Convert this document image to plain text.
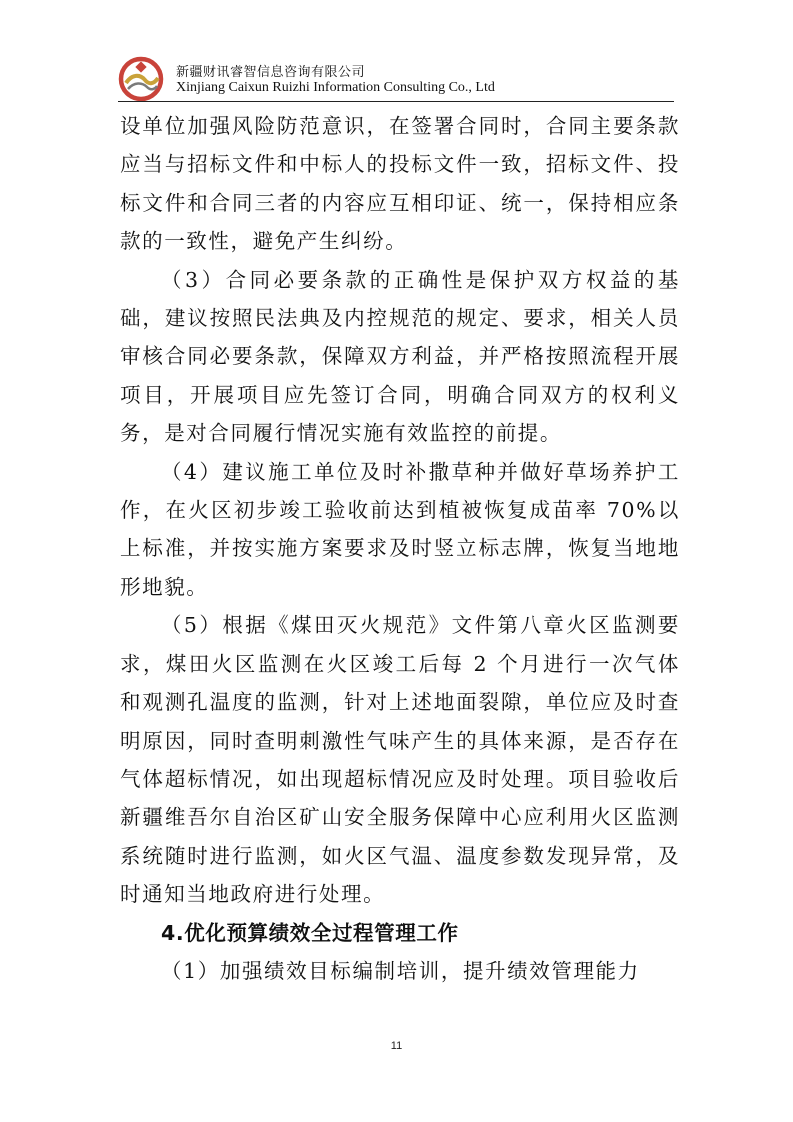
新疆财讯睿智信息咨询有限公司
Xinjiang Caixun Ruizhi Information Consulting Co., Ltd

设单位加强风险防范意识，在签署合同时，合同主要条款应当与招标文件和中标人的投标文件一致，招标文件、投标文件和合同三者的内容应互相印证、统一，保持相应条款的一致性，避免产生纠纷。

（3）合同必要条款的正确性是保护双方权益的基础，建议按照民法典及内控规范的规定、要求，相关人员审核合同必要条款，保障双方利益，并严格按照流程开展项目，开展项目应先签订合同，明确合同双方的权利义务，是对合同履行情况实施有效监控的前提。

（4）建议施工单位及时补撒草种并做好草场养护工作，在火区初步竣工验收前达到植被恢复成苗率 70%以上标准，并按实施方案要求及时竖立标志牌，恢复当地地形地貌。

（5）根据《煤田灭火规范》文件第八章火区监测要求，煤田火区监测在火区竣工后每 2 个月进行一次气体和观测孔温度的监测，针对上述地面裂隙，单位应及时查明原因，同时查明刺激性气味产生的具体来源，是否存在气体超标情况，如出现超标情况应及时处理。项目验收后新疆维吾尔自治区矿山安全服务保障中心应利用火区监测系统随时进行监测，如火区气温、温度参数发现异常，及时通知当地政府进行处理。

4.优化预算绩效全过程管理工作

（1）加强绩效目标编制培训，提升绩效管理能力

11
